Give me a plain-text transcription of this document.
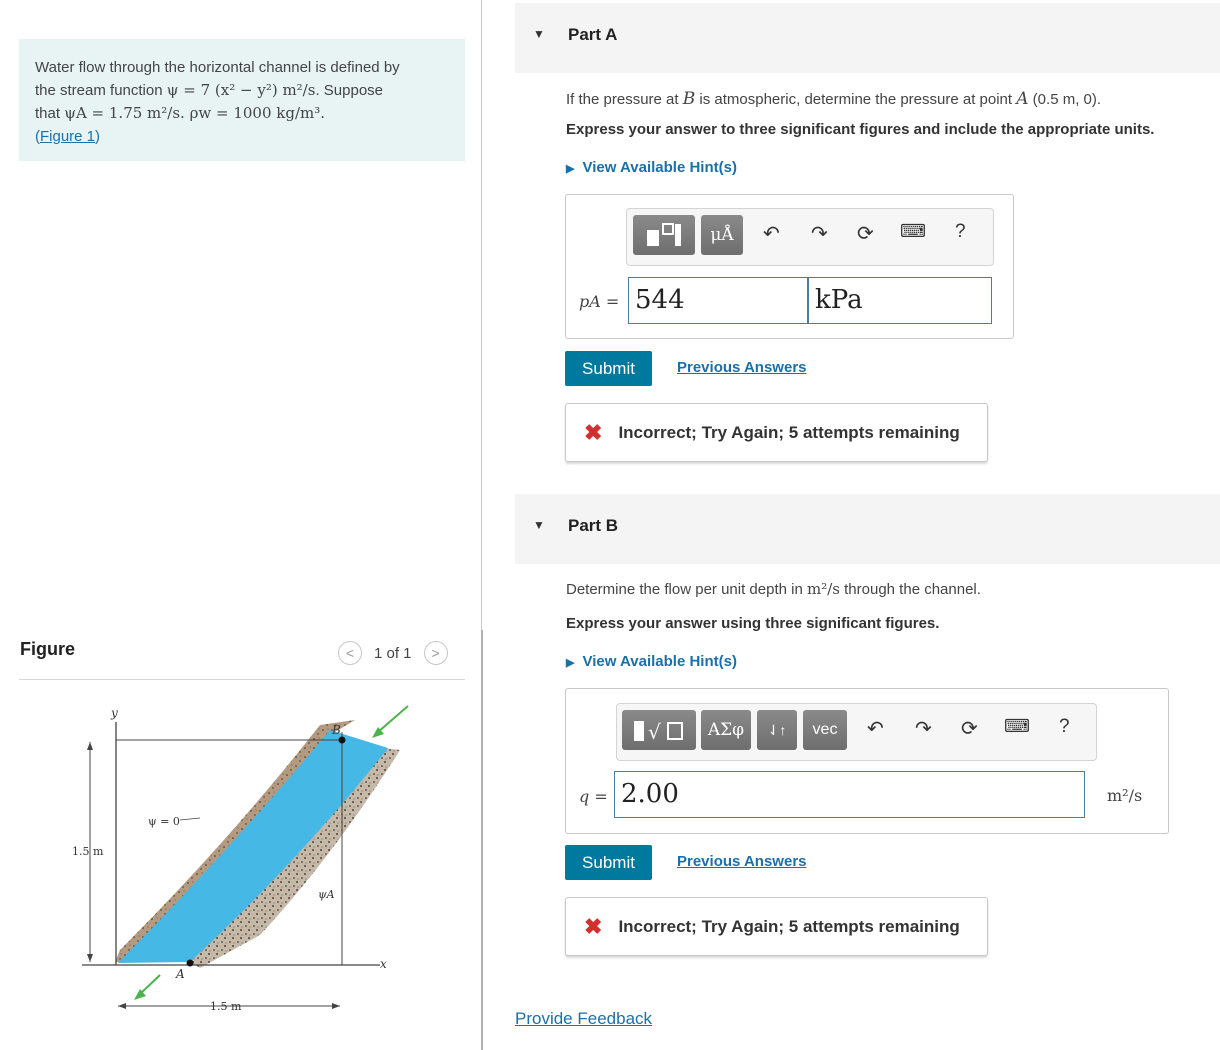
Water flow through the horizontal channel is defined by
the stream function ψ = 7 (x² − y²) m²/s. Suppose
that ψA = 1.75 m²/s. ρw = 1000 kg/m³.
(Figure 1)
Figure	< 1 of 1 >
y
x
B
A
ψ = 0
ψA
1.5 m
1.5 m
▼ Part A
If the pressure at B is atmospheric, determine the pressure at point A (0.5 m, 0).
Express your answer to three significant figures and include the appropriate units.
▶ View Available Hint(s)
μÅ ↶ ↷ ⟳ ⌨ ?
pA = 544	kPa
Submit	Previous Answers
✖ Incorrect; Try Again; 5 attempts remaining
▼ Part B
Determine the flow per unit depth in m²/s through the channel.
Express your answer using three significant figures.
▶ View Available Hint(s)
√	ΑΣφ ⇃↑ vec ↶ ↷ ⟳ ⌨ ?
q = 2.00	m²/s
Submit	Previous Answers
✖ Incorrect; Try Again; 5 attempts remaining
Provide Feedback
